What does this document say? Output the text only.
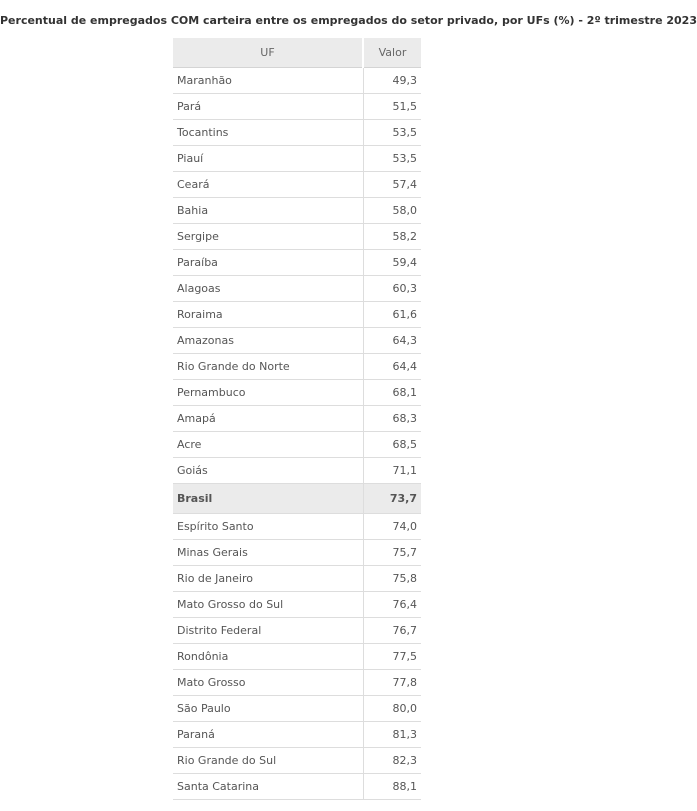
Percentual de empregados COM carteira entre os empregados do setor privado, por UFs (%) - 2º trimestre 2023
UF	Valor
Maranhão	49,3
Pará	51,5
Tocantins	53,5
Piauí	53,5
Ceará	57,4
Bahia	58,0
Sergipe	58,2
Paraíba	59,4
Alagoas	60,3
Roraima	61,6
Amazonas	64,3
Rio Grande do Norte	64,4
Pernambuco	68,1
Amapá	68,3
Acre	68,5
Goiás	71,1
Brasil	73,7
Espírito Santo	74,0
Minas Gerais	75,7
Rio de Janeiro	75,8
Mato Grosso do Sul	76,4
Distrito Federal	76,7
Rondônia	77,5
Mato Grosso	77,8
São Paulo	80,0
Paraná	81,3
Rio Grande do Sul	82,3
Santa Catarina	88,1
